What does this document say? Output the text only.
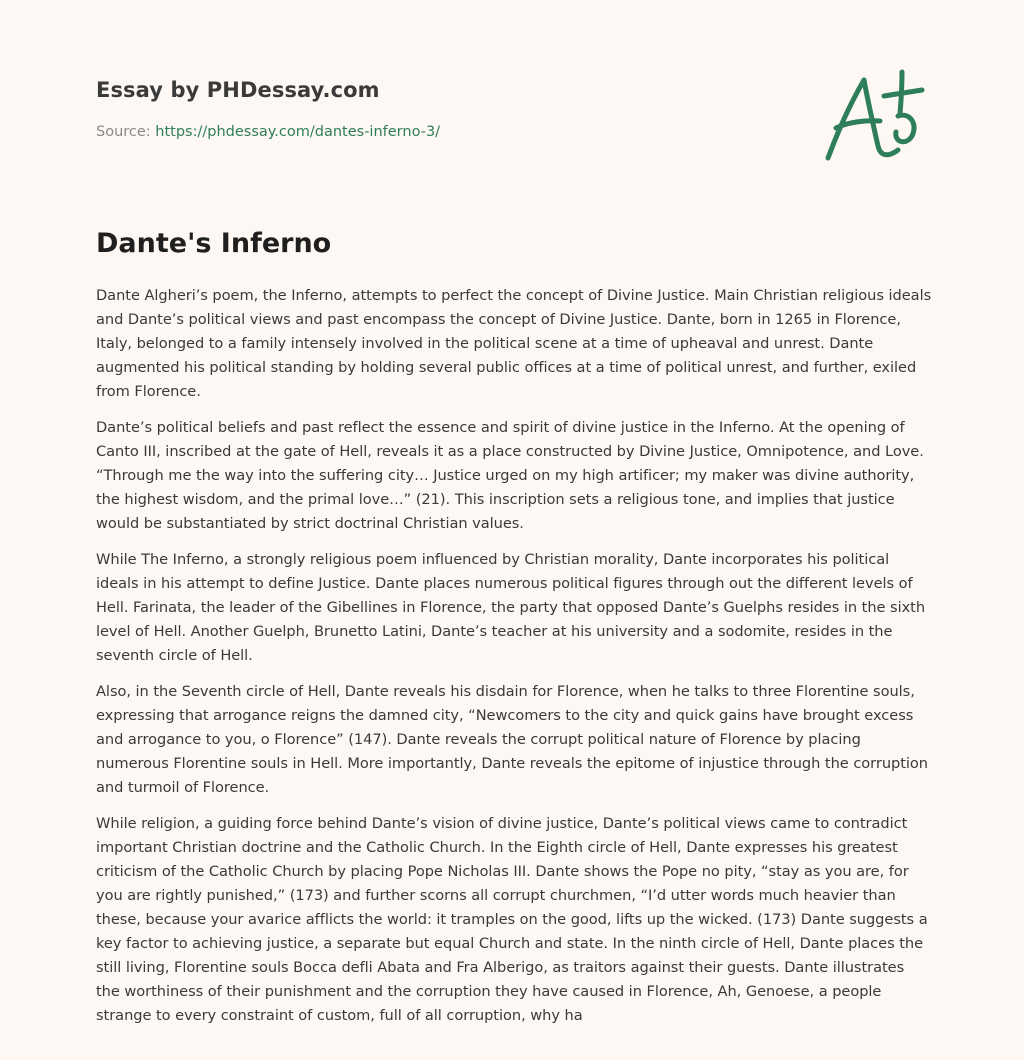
Essay by PHDessay.com
Source: https://phdessay.com/dantes-inferno-3/
Dante's Inferno

Dante Algheri’s poem, the Inferno, attempts to perfect the concept of Divine Justice. Main Christian religious ideals and Dante’s political views and past encompass the concept of Divine Justice. Dante, born in 1265 in Florence, Italy, belonged to a family intensely involved in the political scene at a time of upheaval and unrest. Dante augmented his political standing by holding several public offices at a time of political unrest, and further, exiled from Florence.

Dante’s political beliefs and past reflect the essence and spirit of divine justice in the Inferno. At the opening of Canto III, inscribed at the gate of Hell, reveals it as a place constructed by Divine Justice, Omnipotence, and Love. “Through me the way into the suffering city… Justice urged on my high artificer; my maker was divine authority, the highest wisdom, and the primal love…” (21). This inscription sets a religious tone, and implies that justice would be substantiated by strict doctrinal Christian values.

While The Inferno, a strongly religious poem influenced by Christian morality, Dante incorporates his political ideals in his attempt to define Justice. Dante places numerous political figures through out the different levels of Hell. Farinata, the leader of the Gibellines in Florence, the party that opposed Dante’s Guelphs resides in the sixth level of Hell. Another Guelph, Brunetto Latini, Dante’s teacher at his university and a sodomite, resides in the seventh circle of Hell.

Also, in the Seventh circle of Hell, Dante reveals his disdain for Florence, when he talks to three Florentine souls, expressing that arrogance reigns the damned city, “Newcomers to the city and quick gains have brought excess and arrogance to you, o Florence” (147). Dante reveals the corrupt political nature of Florence by placing numerous Florentine souls in Hell. More importantly, Dante reveals the epitome of injustice through the corruption and turmoil of Florence.

While religion, a guiding force behind Dante’s vision of divine justice, Dante’s political views came to contradict important Christian doctrine and the Catholic Church. In the Eighth circle of Hell, Dante expresses his greatest criticism of the Catholic Church by placing Pope Nicholas III. Dante shows the Pope no pity, “stay as you are, for you are rightly punished,” (173) and further scorns all corrupt churchmen, “I’d utter words much heavier than these, because your avarice afflicts the world: it tramples on the good, lifts up the wicked. (173) Dante suggests a key factor to achieving justice, a separate but equal Church and state. In the ninth circle of Hell, Dante places the still living, Florentine souls Bocca defli Abata and Fra Alberigo, as traitors against their guests. Dante illustrates the worthiness of their punishment and the corruption they have caused in Florence, Ah, Genoese, a people strange to every constraint of custom, full of all corruption, why ha
